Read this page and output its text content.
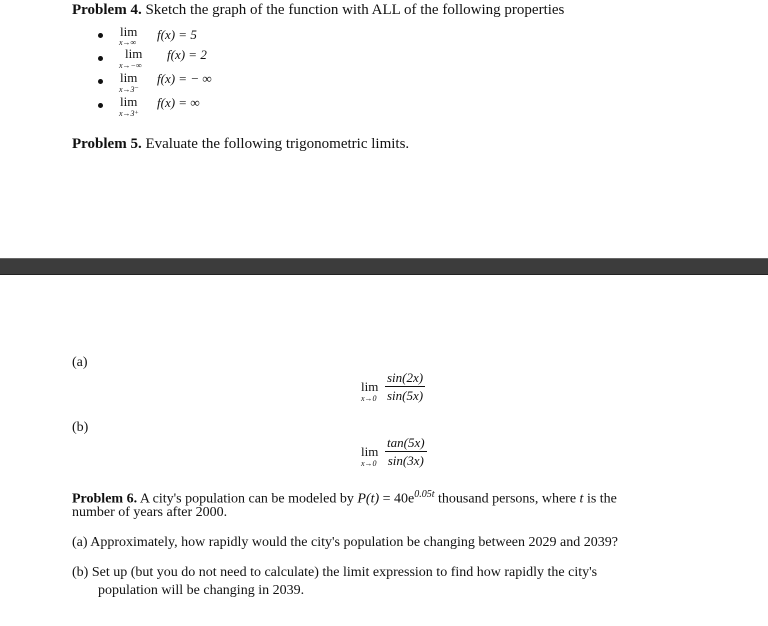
Problem 4. Sketch the graph of the function with ALL of the following properties
lim
x→∞
f(x) = 5
lim
x→−∞
f(x) = 2
lim
x→3⁻
f(x) = − ∞
lim
x→3⁺
f(x) = ∞
Problem 5. Evaluate the following trigonometric limits.
(a)
lim
$x\to 0 \frac{\sin(2x)}{\sin(5x)}$
(b)
lim
$x\to 0 \frac{\tan(5x)}{\sin(3x)}$
Problem 6. A city's population can be modeled by $P(t) = 40e^{0.05t}$ thousand persons, where t is the
number of years after 2000.
(a) Approximately, how rapidly would the city's population be changing between 2029 and 2039?
(b) Set up (but you do not need to calculate) the limit expression to find how rapidly the city's
population will be changing in 2039.
